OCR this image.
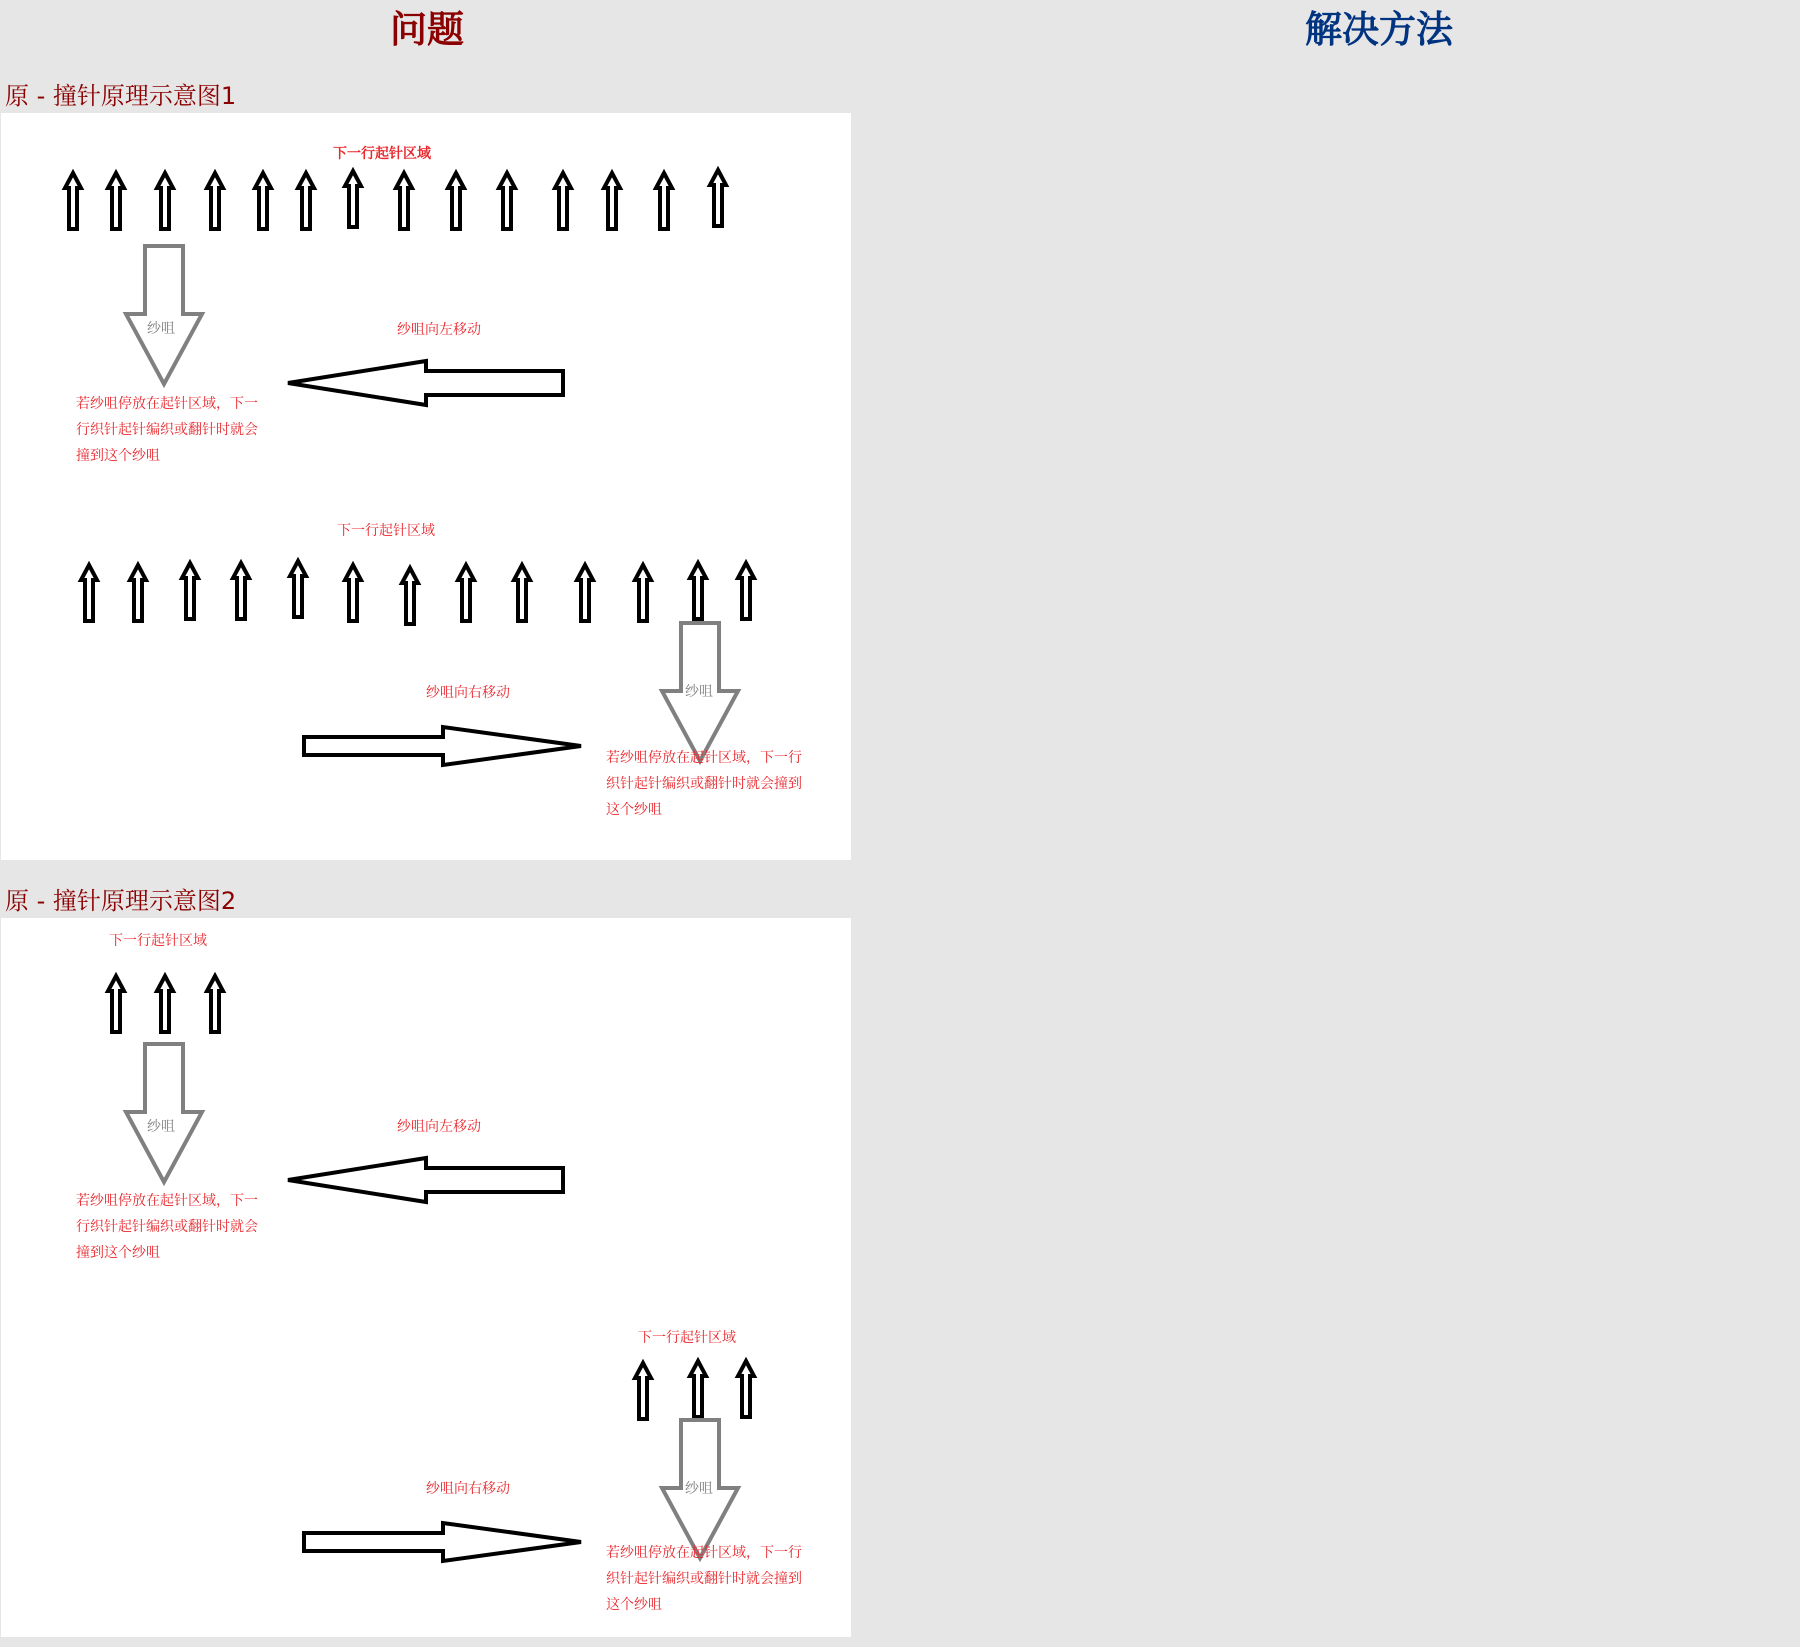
问题	解决方法
原 - 撞针原理示意图1
下一行起针区域
纱咀	纱咀向左移动
若纱咀停放在起针区域，下一行织针起针编织或翻针时就会撞到这个纱咀
下一行起针区域
纱咀向右移动	纱咀
若纱咀停放在起针区域，下一行织针起针编织或翻针时就会撞到这个纱咀
原 - 撞针原理示意图2
下一行起针区域
纱咀	纱咀向左移动
若纱咀停放在起针区域，下一行织针起针编织或翻针时就会撞到这个纱咀
下一行起针区域
纱咀向右移动	纱咀
若纱咀停放在起针区域，下一行织针起针编织或翻针时就会撞到这个纱咀
